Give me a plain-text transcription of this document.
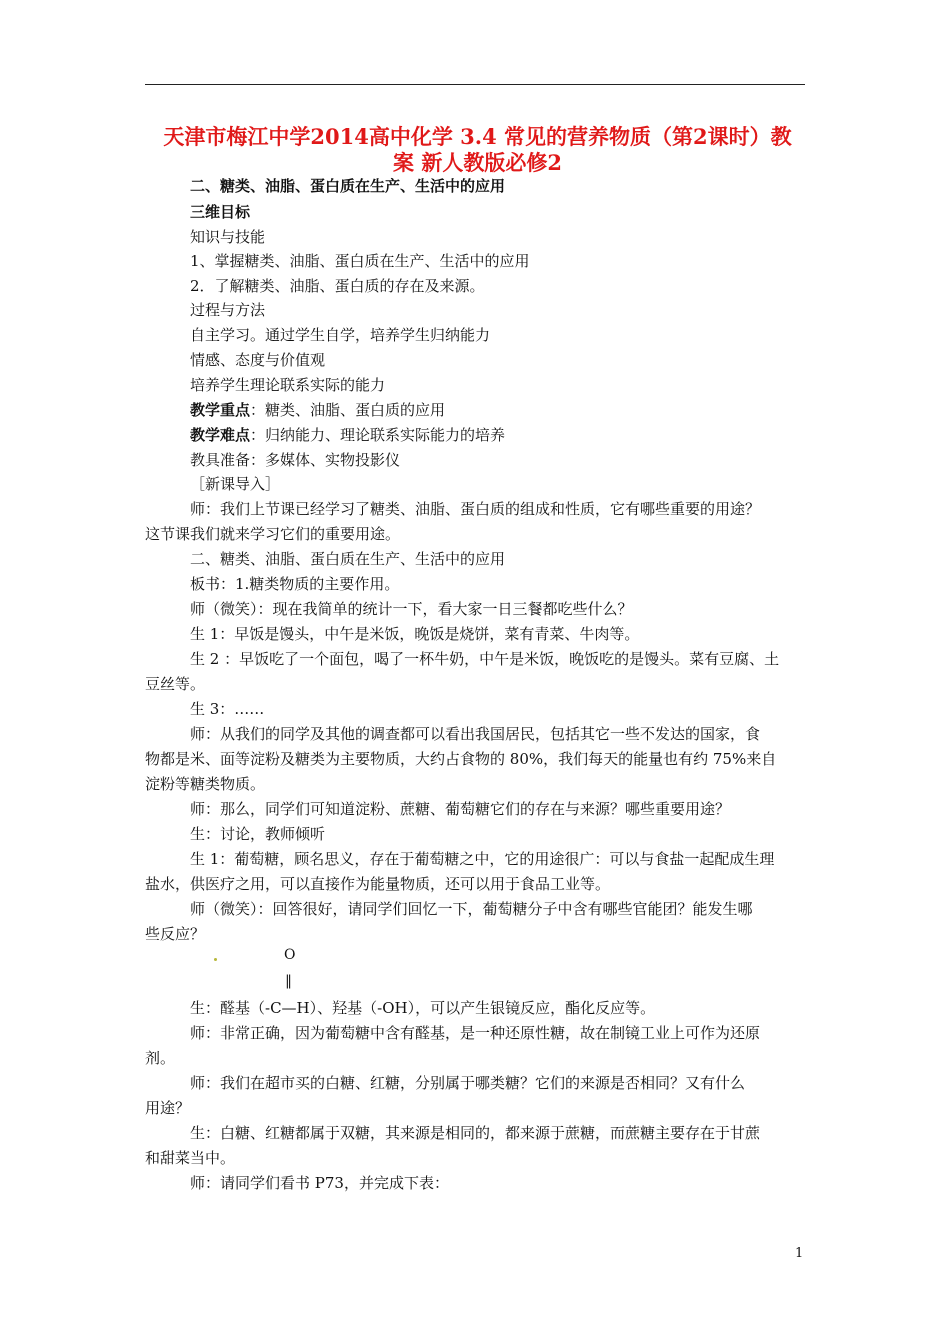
天津市梅江中学2014高中化学 3.4 常见的营养物质（第2课时）教
案 新人教版必修2
二、糖类、油脂、蛋白质在生产、生活中的应用
三维目标
知识与技能
1、掌握糖类、油脂、蛋白质在生产、生活中的应用
2．了解糖类、油脂、蛋白质的存在及来源。
过程与方法
自主学习。通过学生自学，培养学生归纳能力
情感、态度与价值观
培养学生理论联系实际的能力
教学重点：糖类、油脂、蛋白质的应用
教学难点：归纳能力、理论联系实际能力的培养
教具准备：多媒体、实物投影仪
［新课导入］
师：我们上节课已经学习了糖类、油脂、蛋白质的组成和性质，它有哪些重要的用途？
这节课我们就来学习它们的重要用途。
二、糖类、油脂、蛋白质在生产、生活中的应用
板书：1.糖类物质的主要作用。
师（微笑）：现在我简单的统计一下，看大家一日三餐都吃些什么？
生 1：早饭是馒头，中午是米饭，晚饭是烧饼，菜有青菜、牛肉等。
生 2 ：早饭吃了一个面包，喝了一杯牛奶，中午是米饭，晚饭吃的是馒头。菜有豆腐、土
豆丝等。
生 3：……
师：从我们的同学及其他的调查都可以看出我国居民，包括其它一些不发达的国家，食
物都是米、面等淀粉及糖类为主要物质，大约占食物的 80%，我们每天的能量也有约 75%来自
淀粉等糖类物质。
师：那么，同学们可知道淀粉、蔗糖、葡萄糖它们的存在与来源？哪些重要用途？
生：讨论，教师倾听
生 1：葡萄糖，顾名思义，存在于葡萄糖之中，它的用途很广：可以与食盐一起配成生理
盐水，供医疗之用，可以直接作为能量物质，还可以用于食品工业等。
师（微笑）：回答很好，请同学们回忆一下，葡萄糖分子中含有哪些官能团？能发生哪
些反应？
O
‖
生：醛基（-C—H）、羟基（-OH），可以产生银镜反应，酯化反应等。
师：非常正确，因为葡萄糖中含有醛基，是一种还原性糖，故在制镜工业上可作为还原
剂。
师：我们在超市买的白糖、红糖，分别属于哪类糖？它们的来源是否相同？又有什么
用途？
生：白糖、红糖都属于双糖，其来源是相同的，都来源于蔗糖，而蔗糖主要存在于甘蔗
和甜菜当中。
师：请同学们看书 P73，并完成下表：
1
